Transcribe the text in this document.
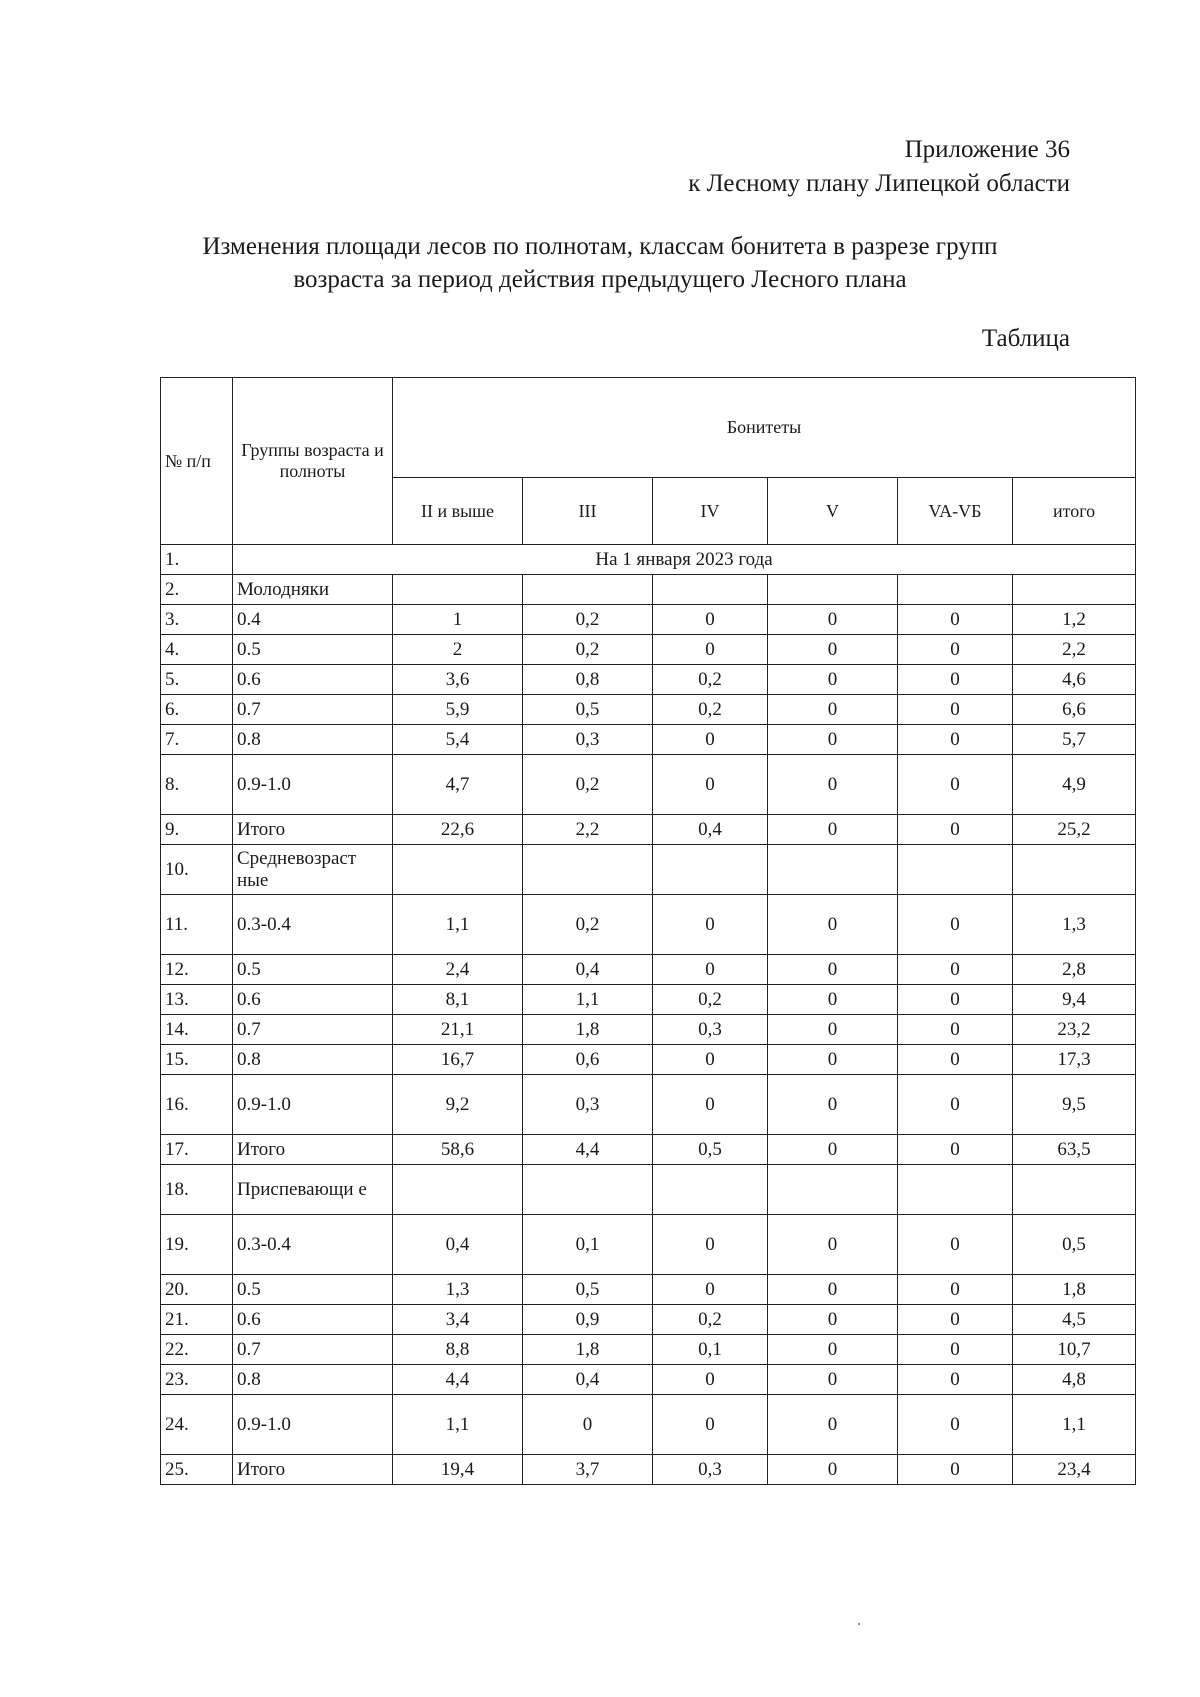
Приложение 36
к Лесному плану Липецкой области
Изменения площади лесов по полнотам, классам бонитета в разрезе групп
возраста за период действия предыдущего Лесного плана
Таблица
№ п/п	Группы возраста и полноты	Бонитеты					
		II и выше	III	IV	V	VA-VБ	итого
1.	На 1 января 2023 года						
2.	Молодняки						
3.	0.4	1	0,2	0	0	0	1,2
4.	0.5	2	0,2	0	0	0	2,2
5.	0.6	3,6	0,8	0,2	0	0	4,6
6.	0.7	5,9	0,5	0,2	0	0	6,6
7.	0.8	5,4	0,3	0	0	0	5,7
8.	0.9-1.0	4,7	0,2	0	0	0	4,9
9.	Итого	22,6	2,2	0,4	0	0	25,2
10.	Средневозраст ные						
11.	0.3-0.4	1,1	0,2	0	0	0	1,3
12.	0.5	2,4	0,4	0	0	0	2,8
13.	0.6	8,1	1,1	0,2	0	0	9,4
14.	0.7	21,1	1,8	0,3	0	0	23,2
15.	0.8	16,7	0,6	0	0	0	17,3
16.	0.9-1.0	9,2	0,3	0	0	0	9,5
17.	Итого	58,6	4,4	0,5	0	0	63,5
18.	Приспевающи е						
19.	0.3-0.4	0,4	0,1	0	0	0	0,5
20.	0.5	1,3	0,5	0	0	0	1,8
21.	0.6	3,4	0,9	0,2	0	0	4,5
22.	0.7	8,8	1,8	0,1	0	0	10,7
23.	0.8	4,4	0,4	0	0	0	4,8
24.	0.9-1.0	1,1	0	0	0	0	1,1
25.	Итого	19,4	3,7	0,3	0	0	23,4
